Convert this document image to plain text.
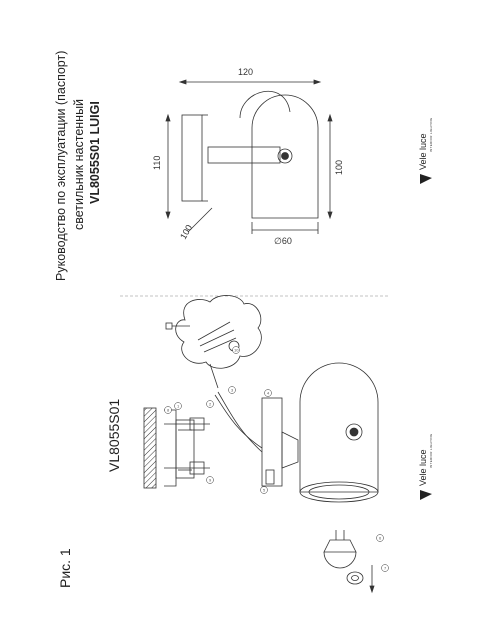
Руководство по эксплуатации (паспорт) светильник настенный VL8055S01 LUIGI
Рис. 1
VL8055S01
Vele luce INTERIOR LIGHTING
Vele luce INTERIOR LIGHTING
120
110	100
100	∅60
1	2
3
4
5
6
7
8
9
10
